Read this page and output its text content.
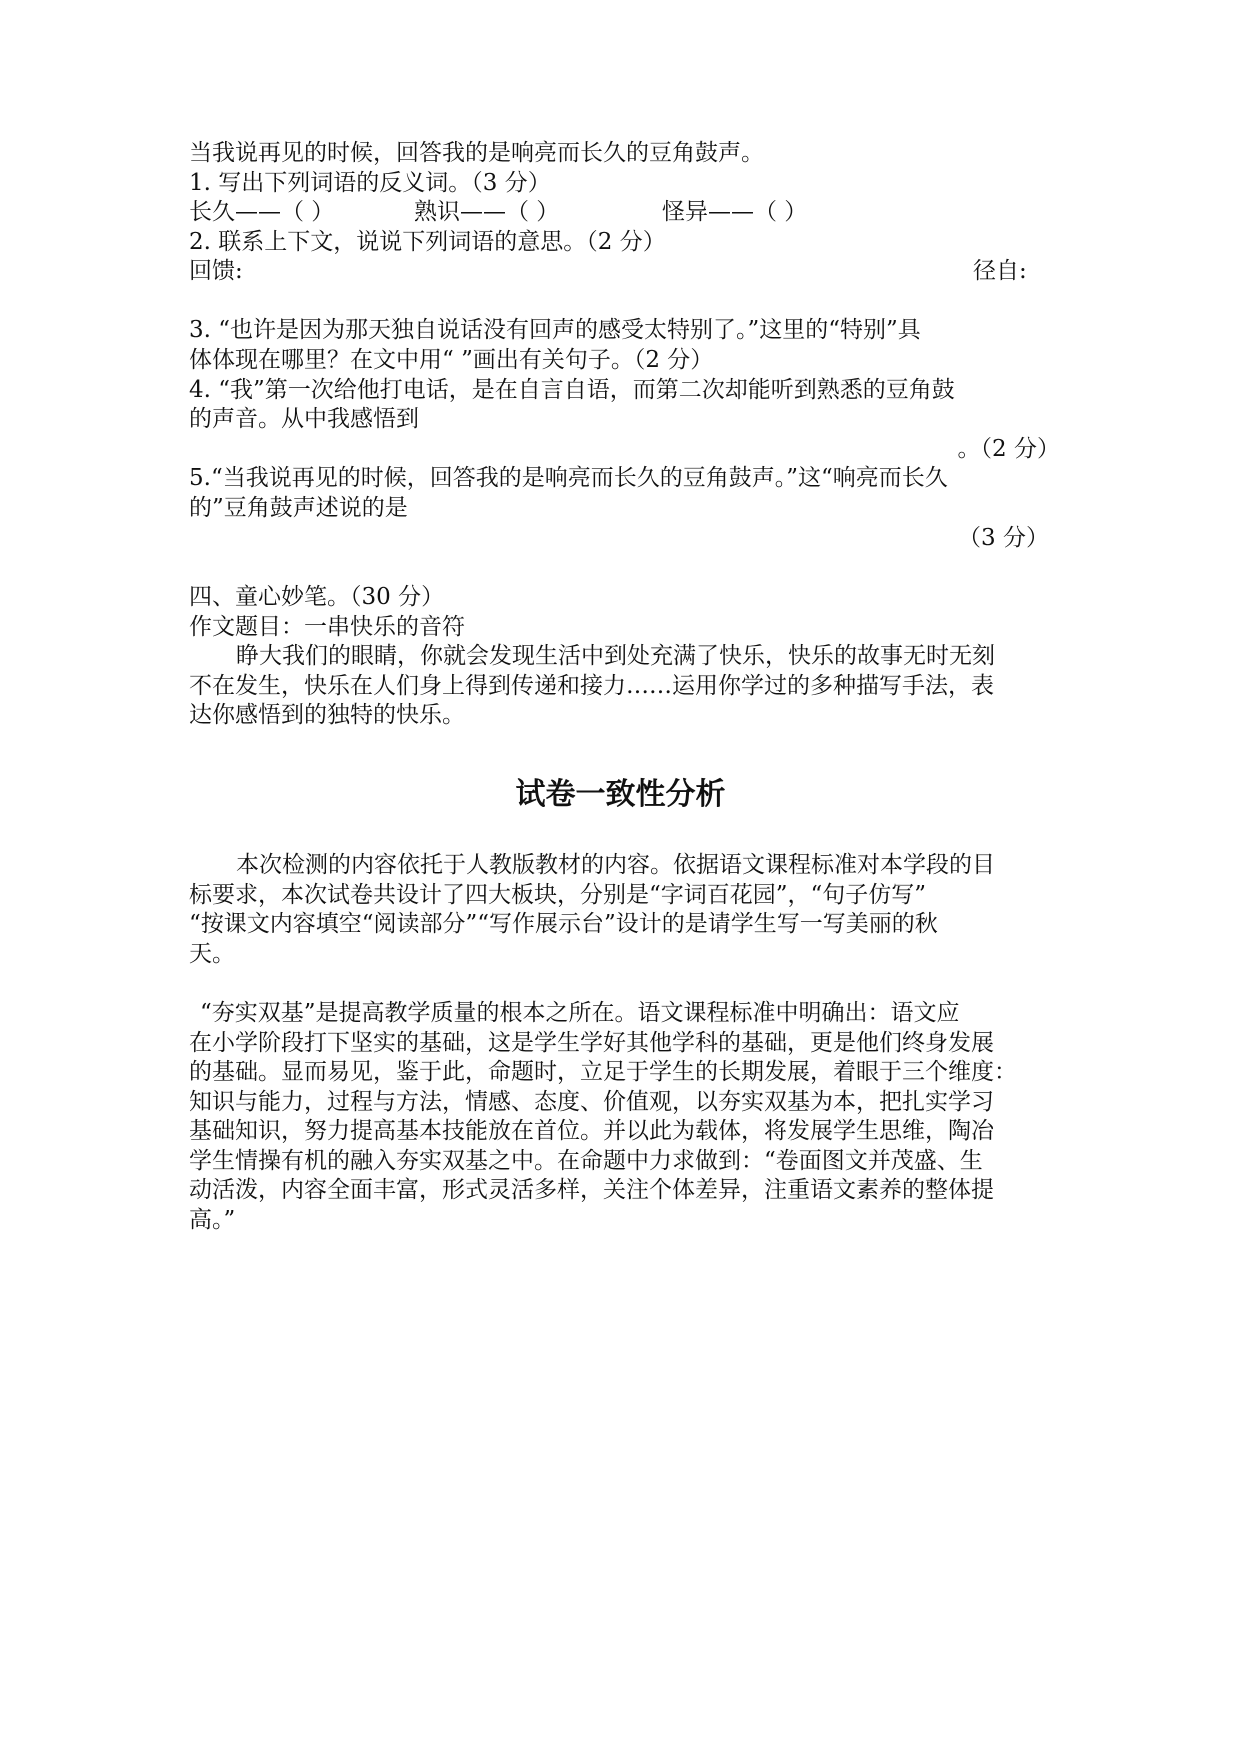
当我说再见的时候，回答我的是响亮而长久的豆角鼓声。
1. 写出下列词语的反义词。（3 分）
长久——（ ）	熟识——（ ）	怪异——（ ）
2. 联系上下文，说说下列词语的意思。（2 分）
回馈:	径自:
3. “也许是因为那天独自说话没有回声的感受太特别了。”这里的“特别”具
体体现在哪里？在文中用“ ”画出有关句子。（2 分）
4. “我”第一次给他打电话，是在自言自语，而第二次却能听到熟悉的豆角鼓
的声音。从中我感悟到
。（2 分）
5.“当我说再见的时候，回答我的是响亮而长久的豆角鼓声。”这“响亮而长久
的”豆角鼓声述说的是
（3 分）
四、童心妙笔。（30 分）
作文题目：一串快乐的音符
睁大我们的眼睛，你就会发现生活中到处充满了快乐，快乐的故事无时无刻
不在发生，快乐在人们身上得到传递和接力……运用你学过的多种描写手法，表
达你感悟到的独特的快乐。
试卷一致性分析
本次检测的内容依托于人教版教材的内容。依据语文课程标准对本学段的目
标要求，本次试卷共设计了四大板块，分别是“字词百花园”，“句子仿写”
“按课文内容填空“阅读部分”“写作展示台”设计的是请学生写一写美丽的秋
天。
“夯实双基”是提高教学质量的根本之所在。语文课程标准中明确出：语文应
在小学阶段打下坚实的基础，这是学生学好其他学科的基础，更是他们终身发展
的基础。显而易见，鉴于此，命题时，立足于学生的长期发展，着眼于三个维度：
知识与能力，过程与方法，情感、态度、价值观，以夯实双基为本，把扎实学习
基础知识，努力提高基本技能放在首位。并以此为载体，将发展学生思维，陶冶
学生情操有机的融入夯实双基之中。在命题中力求做到：“卷面图文并茂盛、生
动活泼，内容全面丰富，形式灵活多样，关注个体差异，注重语文素养的整体提
高。”
